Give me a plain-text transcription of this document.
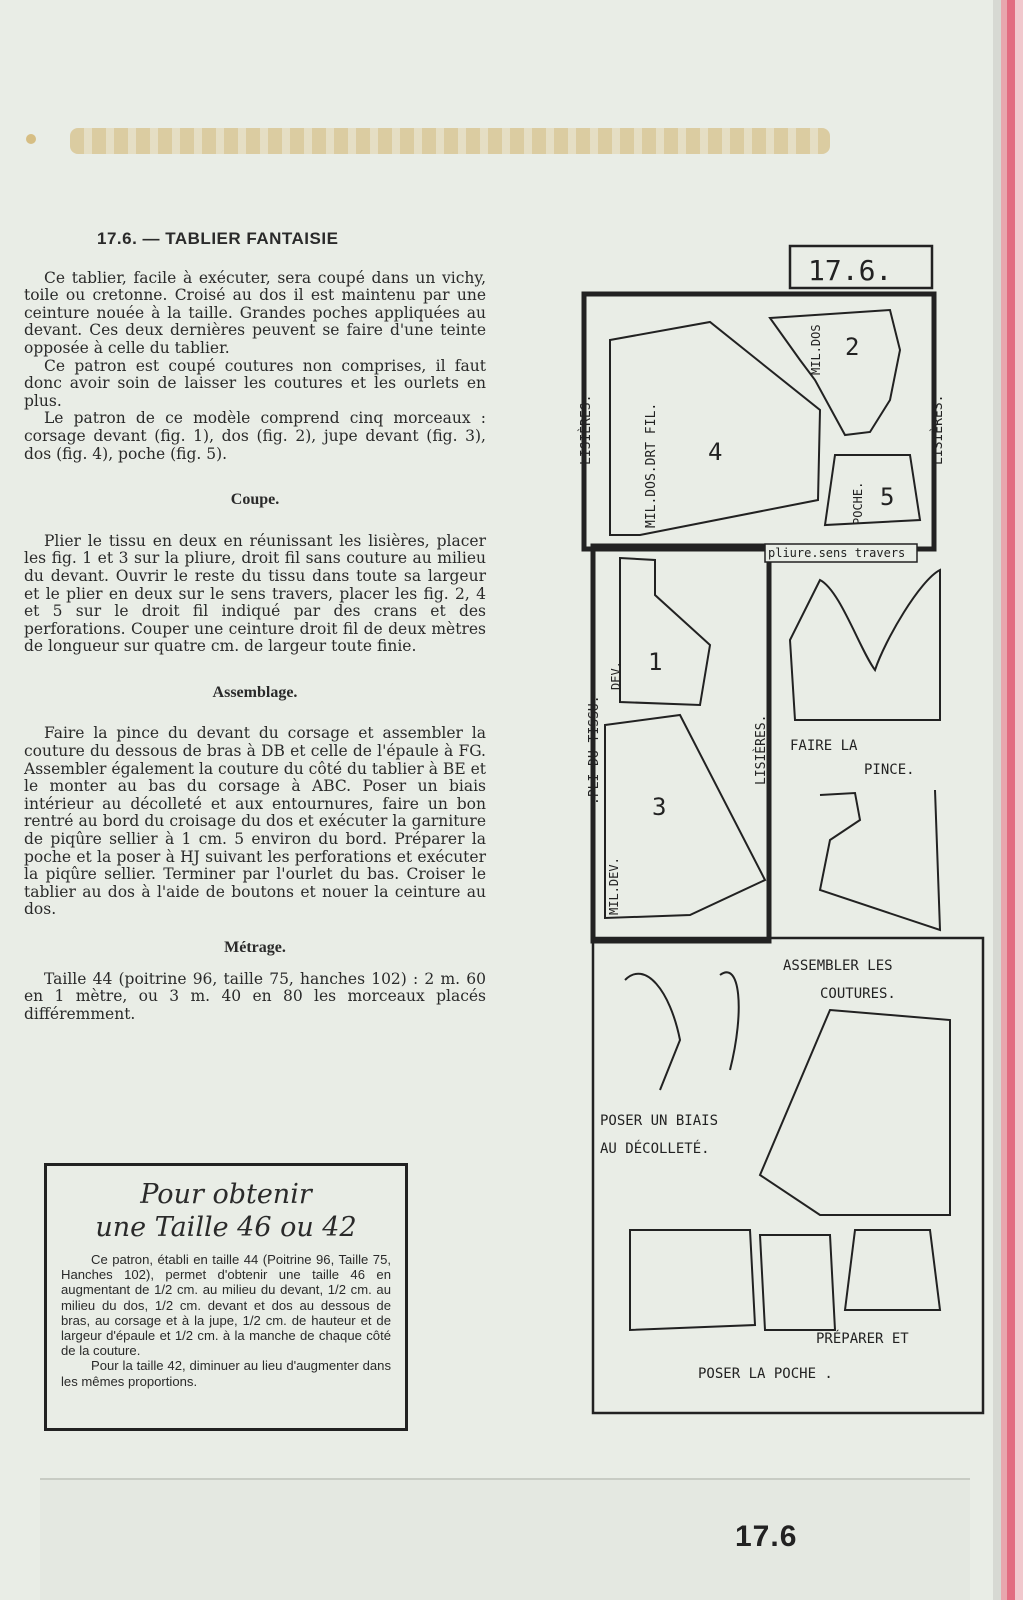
17.6. — TABLIER FANTAISIE

Ce tablier, facile à exécuter, sera coupé dans un vichy, toile ou cretonne. Croisé au dos il est maintenu par une ceinture nouée à la taille. Grandes poches appliquées au devant. Ces deux dernières peuvent se faire d'une teinte opposée à celle du tablier.

Ce patron est coupé coutures non comprises, il faut donc avoir soin de laisser les coutures et les ourlets en plus.

Le patron de ce modèle comprend cinq morceaux : corsage devant (fig. 1), dos (fig. 2), jupe devant (fig. 3), dos (fig. 4), poche (fig. 5).

Coupe.

Plier le tissu en deux en réunissant les lisières, placer les fig. 1 et 3 sur la pliure, droit fil sans couture au milieu du devant. Ouvrir le reste du tissu dans toute sa largeur et le plier en deux sur le sens travers, placer les fig. 2, 4 et 5 sur le droit fil indiqué par des crans et des perforations. Couper une ceinture droit fil de deux mètres de longueur sur quatre cm. de largeur toute finie.

Assemblage.

Faire la pince du devant du corsage et assembler la couture du dessous de bras à DB et celle de l'épaule à FG. Assembler également la couture du côté du tablier à BE et le monter au bas du corsage à ABC. Poser un biais intérieur au décolleté et aux entournures, faire un bon rentré au bord du croisage du dos et exécuter la garniture de piqûre sellier à 1 cm. 5 environ du bord. Préparer la poche et la poser à HJ suivant les perforations et exécuter la piqûre sellier. Terminer par l'ourlet du bas. Croiser le tablier au dos à l'aide de boutons et nouer la ceinture au dos.

Métrage.

Taille 44 (poitrine 96, taille 75, hanches 102) : 2 m. 60 en 1 mètre, ou 3 m. 40 en 80 les morceaux placés différemment.

Pour obtenir
une Taille 46 ou 42

Ce patron, établi en taille 44 (Poitrine 96, Taille 75, Hanches 102), permet d'obtenir une taille 46 en augmentant de 1/2 cm. au milieu du devant, 1/2 cm. au milieu du dos, 1/2 cm. devant et dos au dessous de bras, au corsage et à la jupe, 1/2 cm. de hauteur et de largeur d'épaule et 1/2 cm. à la manche de chaque côté de la couture.

Pour la taille 42, diminuer au lieu d'augmenter dans les mêmes proportions.

17.6.
LISIÈRES.	LISIÈRES.
MIL.DOS.DRT FIL. 4
MIL.DOS 2
POCHE. 5
.PLI DU TISSU.	LISIÈRES.
DEV. 1
MIL.DEV.
3
pliure.sens travers
FAIRE LA
PINCE.
ASSEMBLER LES
COUTURES.
POSER UN BIAIS
AU DÉCOLLETÉ.
PRÉPARER ET
POSER LA POCHE .
17.6
